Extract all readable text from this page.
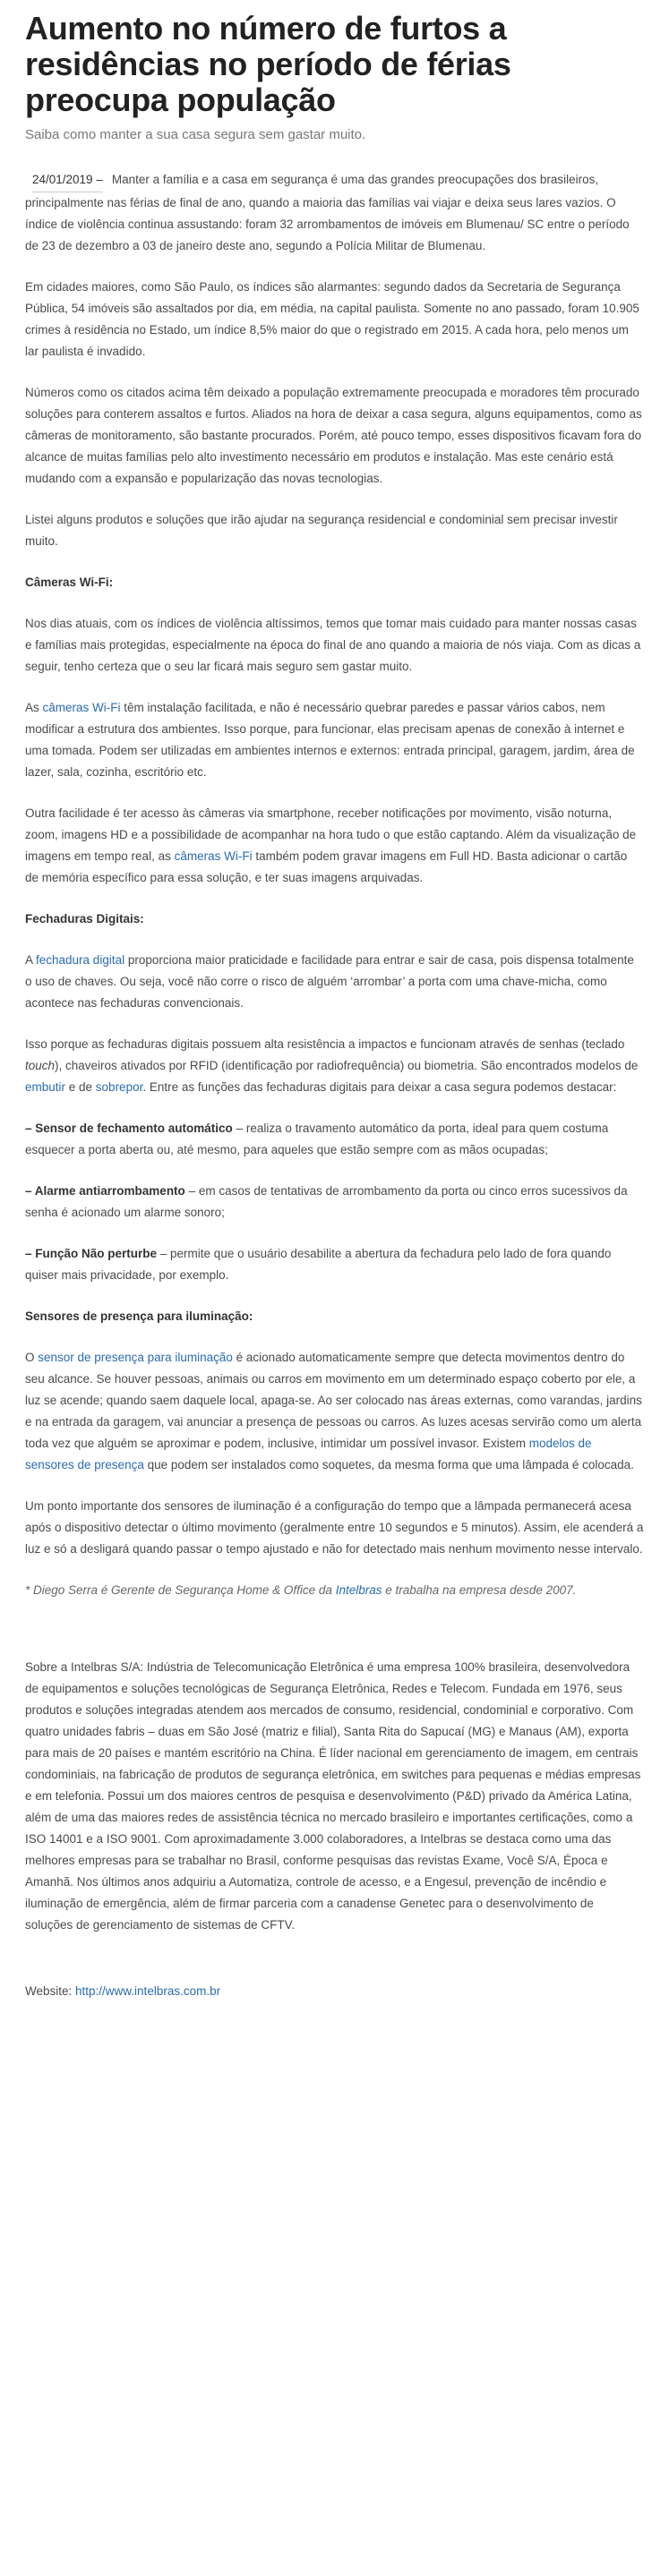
Aumento no número de furtos a residências no período de férias preocupa população
Saiba como manter a sua casa segura sem gastar muito.

24/01/2019 – Manter a família e a casa em segurança é uma das grandes preocupações dos brasileiros, principalmente nas férias de final de ano, quando a maioria das famílias vai viajar e deixa seus lares vazios. O índice de violência continua assustando: foram 32 arrombamentos de imóveis em Blumenau/ SC entre o período de 23 de dezembro a 03 de janeiro deste ano, segundo a Polícia Militar de Blumenau.

Em cidades maiores, como São Paulo, os índices são alarmantes: segundo dados da Secretaria de Segurança Pública, 54 imóveis são assaltados por dia, em média, na capital paulista. Somente no ano passado, foram 10.905 crimes à residência no Estado, um índice 8,5% maior do que o registrado em 2015. A cada hora, pelo menos um lar paulista é invadido.

Números como os citados acima têm deixado a população extremamente preocupada e moradores têm procurado soluções para conterem assaltos e furtos. Aliados na hora de deixar a casa segura, alguns equipamentos, como as câmeras de monitoramento, são bastante procurados. Porém, até pouco tempo, esses dispositivos ficavam fora do alcance de muitas famílias pelo alto investimento necessário em produtos e instalação. Mas este cenário está mudando com a expansão e popularização das novas tecnologias.

Listei alguns produtos e soluções que irão ajudar na segurança residencial e condominial sem precisar investir muito.

Câmeras Wi-Fi:

Nos dias atuais, com os índices de violência altíssimos, temos que tomar mais cuidado para manter nossas casas e famílias mais protegidas, especialmente na época do final de ano quando a maioria de nós viaja. Com as dicas a seguir, tenho certeza que o seu lar ficará mais seguro sem gastar muito.

As câmeras Wi-Fi têm instalação facilitada, e não é necessário quebrar paredes e passar vários cabos, nem modificar a estrutura dos ambientes. Isso porque, para funcionar, elas precisam apenas de conexão à internet e uma tomada. Podem ser utilizadas em ambientes internos e externos: entrada principal, garagem, jardim, área de lazer, sala, cozinha, escritório etc.

Outra facilidade é ter acesso às câmeras via smartphone, receber notificações por movimento, visão noturna, zoom, imagens HD e a possibilidade de acompanhar na hora tudo o que estão captando. Além da visualização de imagens em tempo real, as câmeras Wi-Fi também podem gravar imagens em Full HD. Basta adicionar o cartão de memória específico para essa solução, e ter suas imagens arquivadas.

Fechaduras Digitais:

A fechadura digital proporciona maior praticidade e facilidade para entrar e sair de casa, pois dispensa totalmente o uso de chaves. Ou seja, você não corre o risco de alguém ‘arrombar’ a porta com uma chave-micha, como acontece nas fechaduras convencionais.

Isso porque as fechaduras digitais possuem alta resistência a impactos e funcionam através de senhas (teclado touch), chaveiros ativados por RFID (identificação por radiofrequência) ou biometria. São encontrados modelos de embutir e de sobrepor. Entre as funções das fechaduras digitais para deixar a casa segura podemos destacar:

– Sensor de fechamento automático – realiza o travamento automático da porta, ideal para quem costuma esquecer a porta aberta ou, até mesmo, para aqueles que estão sempre com as mãos ocupadas;

– Alarme antiarrombamento – em casos de tentativas de arrombamento da porta ou cinco erros sucessivos da senha é acionado um alarme sonoro;

– Função Não perturbe – permite que o usuário desabilite a abertura da fechadura pelo lado de fora quando quiser mais privacidade, por exemplo.

Sensores de presença para iluminação:

O sensor de presença para iluminação é acionado automaticamente sempre que detecta movimentos dentro do seu alcance. Se houver pessoas, animais ou carros em movimento em um determinado espaço coberto por ele, a luz se acende; quando saem daquele local, apaga-se. Ao ser colocado nas áreas externas, como varandas, jardins e na entrada da garagem, vai anunciar a presença de pessoas ou carros. As luzes acesas servirão como um alerta toda vez que alguém se aproximar e podem, inclusive, intimidar um possível invasor. Existem modelos de sensores de presença que podem ser instalados como soquetes, da mesma forma que uma lâmpada é colocada.

Um ponto importante dos sensores de iluminação é a configuração do tempo que a lâmpada permanecerá acesa após o dispositivo detectar o último movimento (geralmente entre 10 segundos e 5 minutos). Assim, ele acenderá a luz e só a desligará quando passar o tempo ajustado e não for detectado mais nenhum movimento nesse intervalo.

* Diego Serra é Gerente de Segurança Home & Office da Intelbras e trabalha na empresa desde 2007.

Sobre a Intelbras S/A: Indústria de Telecomunicação Eletrônica é uma empresa 100% brasileira, desenvolvedora de equipamentos e soluções tecnológicas de Segurança Eletrônica, Redes e Telecom. Fundada em 1976, seus produtos e soluções integradas atendem aos mercados de consumo, residencial, condominial e corporativo. Com quatro unidades fabris – duas em São José (matriz e filial), Santa Rita do Sapucaí (MG) e Manaus (AM), exporta para mais de 20 países e mantém escritório na China. É líder nacional em gerenciamento de imagem, em centrais condominiais, na fabricação de produtos de segurança eletrônica, em switches para pequenas e médias empresas e em telefonia. Possui um dos maiores centros de pesquisa e desenvolvimento (P&D) privado da América Latina, além de uma das maiores redes de assistência técnica no mercado brasileiro e importantes certificações, como a ISO 14001 e a ISO 9001. Com aproximadamente 3.000 colaboradores, a Intelbras se destaca como uma das melhores empresas para se trabalhar no Brasil, conforme pesquisas das revistas Exame, Você S/A, Época e Amanhã. Nos últimos anos adquiriu a Automatiza, controle de acesso, e a Engesul, prevenção de incêndio e iluminação de emergência, além de firmar parceria com a canadense Genetec para o desenvolvimento de soluções de gerenciamento de sistemas de CFTV.

Website: http://www.intelbras.com.br
